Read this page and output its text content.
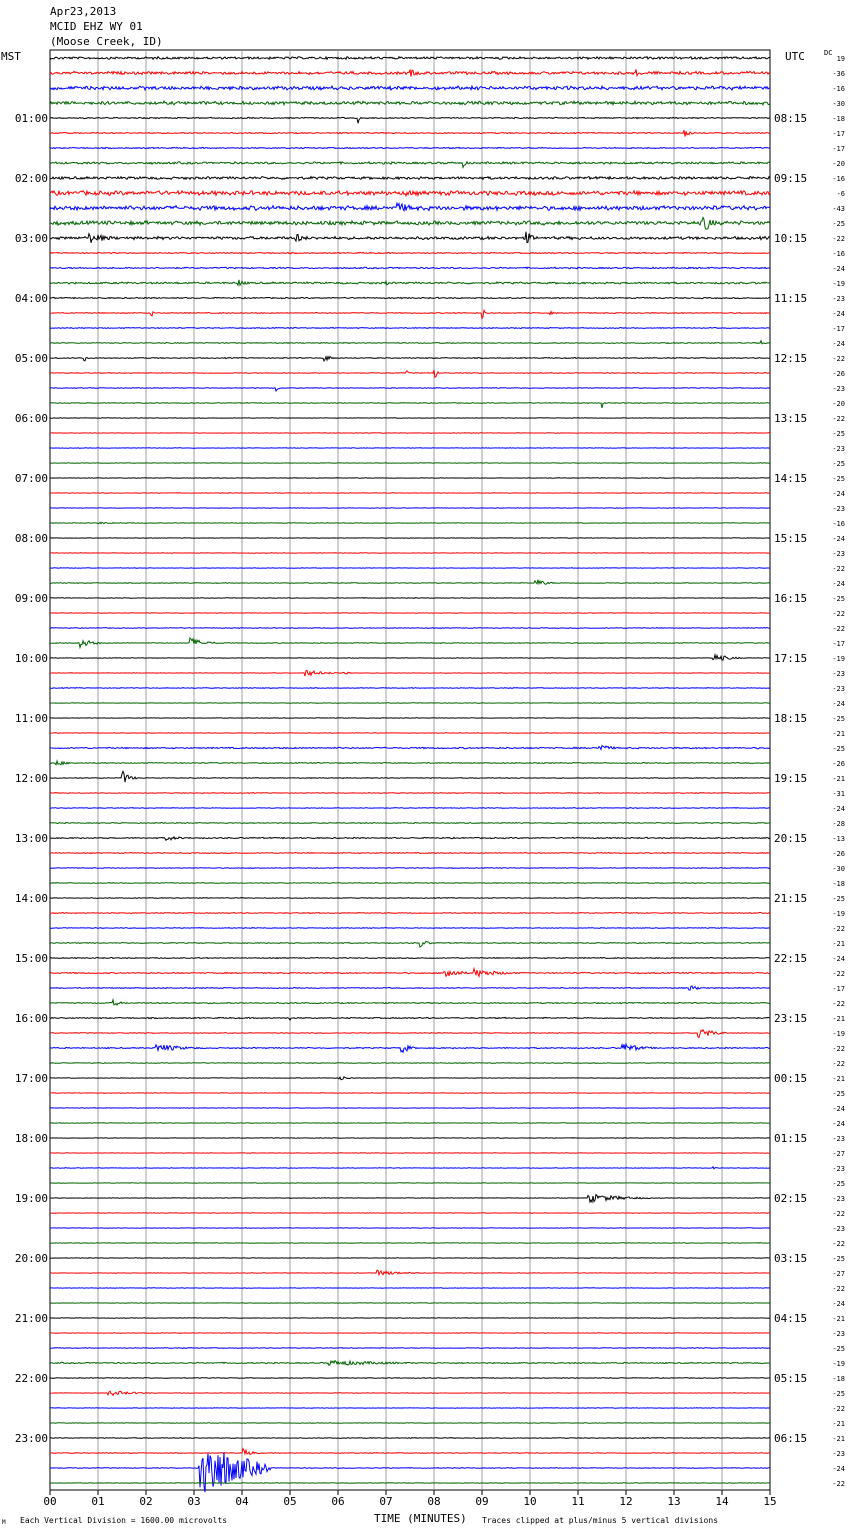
Apr23,2013
MCID EHZ WY 01
(Moose Creek, ID)
MST	UTC	DC
01:00
02:00
03:00
04:00
05:00
06:00
07:00
08:00
09:00
10:00
11:00
12:00
13:00
14:00
15:00
16:00
17:00
18:00
19:00
20:00
21:00
22:00
23:00
08:15
09:15
10:15
11:15
12:15
13:15
14:15
15:15
16:15
17:15
18:15
19:15
20:15
21:15
22:15
23:15
00:15
01:15
02:15
03:15
04:15
05:15
06:15
19
-36
-16
-30
-18
-17
-17
-20
-16
-6
-43
-25
-22
-16
-24
-19
-23
-24
-17
-24
-22
-26
-23
-20
-22
-25
-23
-25
-25
-24
-23
-16
-24
-23
-22
-24
-25
-22
-22
-17
-19
-23
-23
-24
-25
-21
-25
-26
-21
-31
-24
-28
-13
-26
-30
-18
-25
-19
-22
-21
-24
-22
-17
-22
-21
-19
-22
-22
-21
-25
-24
-24
-23
-27
-23
-25
-23
-22
-23
-22
-25
-27
-22
-24
-21
-23
-25
-19
-18
-25
-22
-21
-21
-23
-24
-22
00	01	02	03	04	05	06	07	08	09	10	11	12	13	14	15
TIME (MINUTES)
Each Vertical Division = 1600.00 microvolts	Traces clipped at plus/minus 5 vertical divisions
M
